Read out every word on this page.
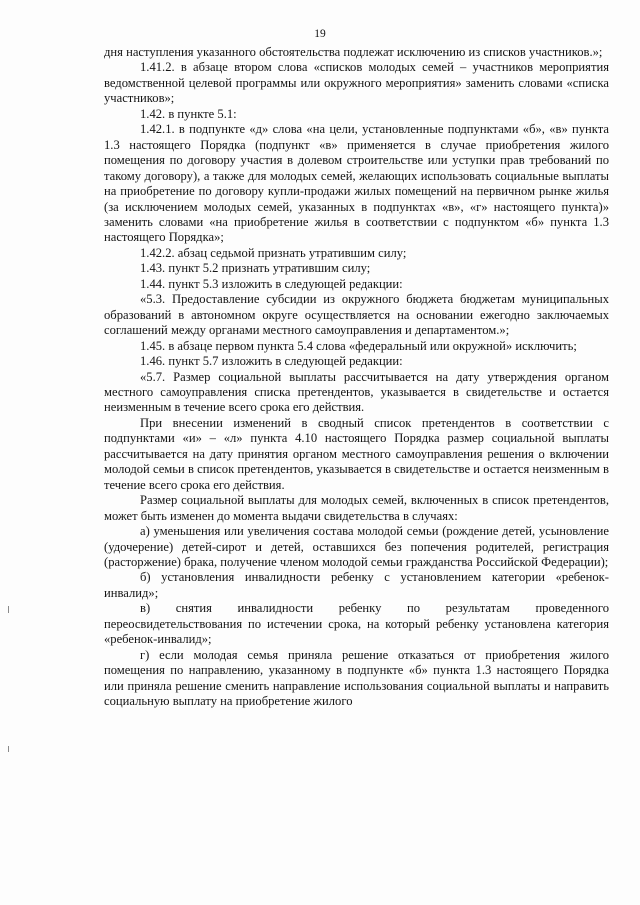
19

дня наступления указанного обстоятельства подлежат исключению из списков участников.»;

1.41.2. в абзаце втором слова «списков молодых семей – участников мероприятия ведомственной целевой программы или окружного мероприятия» заменить словами «списка участников»;

1.42. в пункте 5.1:

1.42.1. в подпункте «д» слова «на цели, установленные подпунктами «б», «в» пункта 1.3 настоящего Порядка (подпункт «в» применяется в случае приобретения жилого помещения по договору участия в долевом строительстве или уступки прав требований по такому договору), а также для молодых семей, желающих использовать социальные выплаты на приобретение по договору купли-продажи жилых помещений на первичном рынке жилья (за исключением молодых семей, указанных в подпунктах «в», «г» настоящего пункта)» заменить словами «на приобретение жилья в соответствии с подпунктом «б» пункта 1.3 настоящего Порядка»;

1.42.2. абзац седьмой признать утратившим силу;

1.43. пункт 5.2 признать утратившим силу;

1.44. пункт 5.3 изложить в следующей редакции:

«5.3. Предоставление субсидии из окружного бюджета бюджетам муниципальных образований в автономном округе осуществляется на основании ежегодно заключаемых соглашений между органами местного самоуправления и департаментом.»;

1.45. в абзаце первом пункта 5.4 слова «федеральный или окружной» исключить;

1.46. пункт 5.7 изложить в следующей редакции:

«5.7. Размер социальной выплаты рассчитывается на дату утверждения органом местного самоуправления списка претендентов, указывается в свидетельстве и остается неизменным в течение всего срока его действия.

При внесении изменений в сводный список претендентов в соответствии с подпунктами «и» – «л» пункта 4.10 настоящего Порядка размер социальной выплаты рассчитывается на дату принятия органом местного самоуправления решения о включении молодой семьи в список претендентов, указывается в свидетельстве и остается неизменным в течение всего срока его действия.

Размер социальной выплаты для молодых семей, включенных в список претендентов, может быть изменен до момента выдачи свидетельства в случаях:

а) уменьшения или увеличения состава молодой семьи (рождение детей, усыновление (удочерение) детей-сирот и детей, оставшихся без попечения родителей, регистрация (расторжение) брака, получение членом молодой семьи гражданства Российской Федерации);

б) установления инвалидности ребенку с установлением категории «ребенок-инвалид»;

в) снятия инвалидности ребенку по результатам проведенного переосвидетельствования по истечении срока, на который ребенку установлена категория «ребенок-инвалид»;

г) если молодая семья приняла решение отказаться от приобретения жилого помещения по направлению, указанному в подпункте «б» пункта 1.3 настоящего Порядка или приняла решение сменить направление использования социальной выплаты и направить социальную выплату на приобретение жилого
